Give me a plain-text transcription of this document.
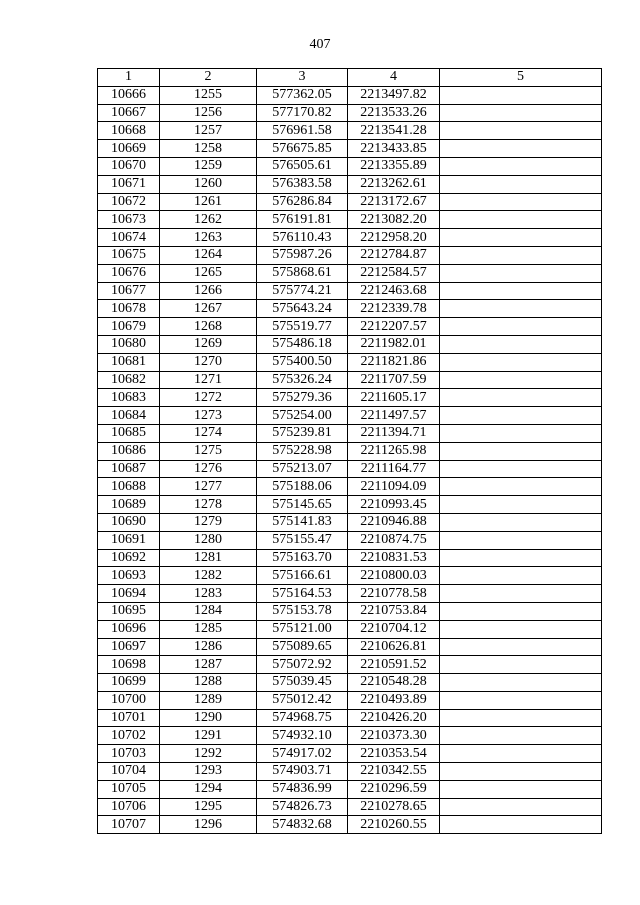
407
1	2	3	4	5
10666	1255	577362.05	2213497.82	
10667	1256	577170.82	2213533.26	
10668	1257	576961.58	2213541.28	
10669	1258	576675.85	2213433.85	
10670	1259	576505.61	2213355.89	
10671	1260	576383.58	2213262.61	
10672	1261	576286.84	2213172.67	
10673	1262	576191.81	2213082.20	
10674	1263	576110.43	2212958.20	
10675	1264	575987.26	2212784.87	
10676	1265	575868.61	2212584.57	
10677	1266	575774.21	2212463.68	
10678	1267	575643.24	2212339.78	
10679	1268	575519.77	2212207.57	
10680	1269	575486.18	2211982.01	
10681	1270	575400.50	2211821.86	
10682	1271	575326.24	2211707.59	
10683	1272	575279.36	2211605.17	
10684	1273	575254.00	2211497.57	
10685	1274	575239.81	2211394.71	
10686	1275	575228.98	2211265.98	
10687	1276	575213.07	2211164.77	
10688	1277	575188.06	2211094.09	
10689	1278	575145.65	2210993.45	
10690	1279	575141.83	2210946.88	
10691	1280	575155.47	2210874.75	
10692	1281	575163.70	2210831.53	
10693	1282	575166.61	2210800.03	
10694	1283	575164.53	2210778.58	
10695	1284	575153.78	2210753.84	
10696	1285	575121.00	2210704.12	
10697	1286	575089.65	2210626.81	
10698	1287	575072.92	2210591.52	
10699	1288	575039.45	2210548.28	
10700	1289	575012.42	2210493.89	
10701	1290	574968.75	2210426.20	
10702	1291	574932.10	2210373.30	
10703	1292	574917.02	2210353.54	
10704	1293	574903.71	2210342.55	
10705	1294	574836.99	2210296.59	
10706	1295	574826.73	2210278.65	
10707	1296	574832.68	2210260.55	
